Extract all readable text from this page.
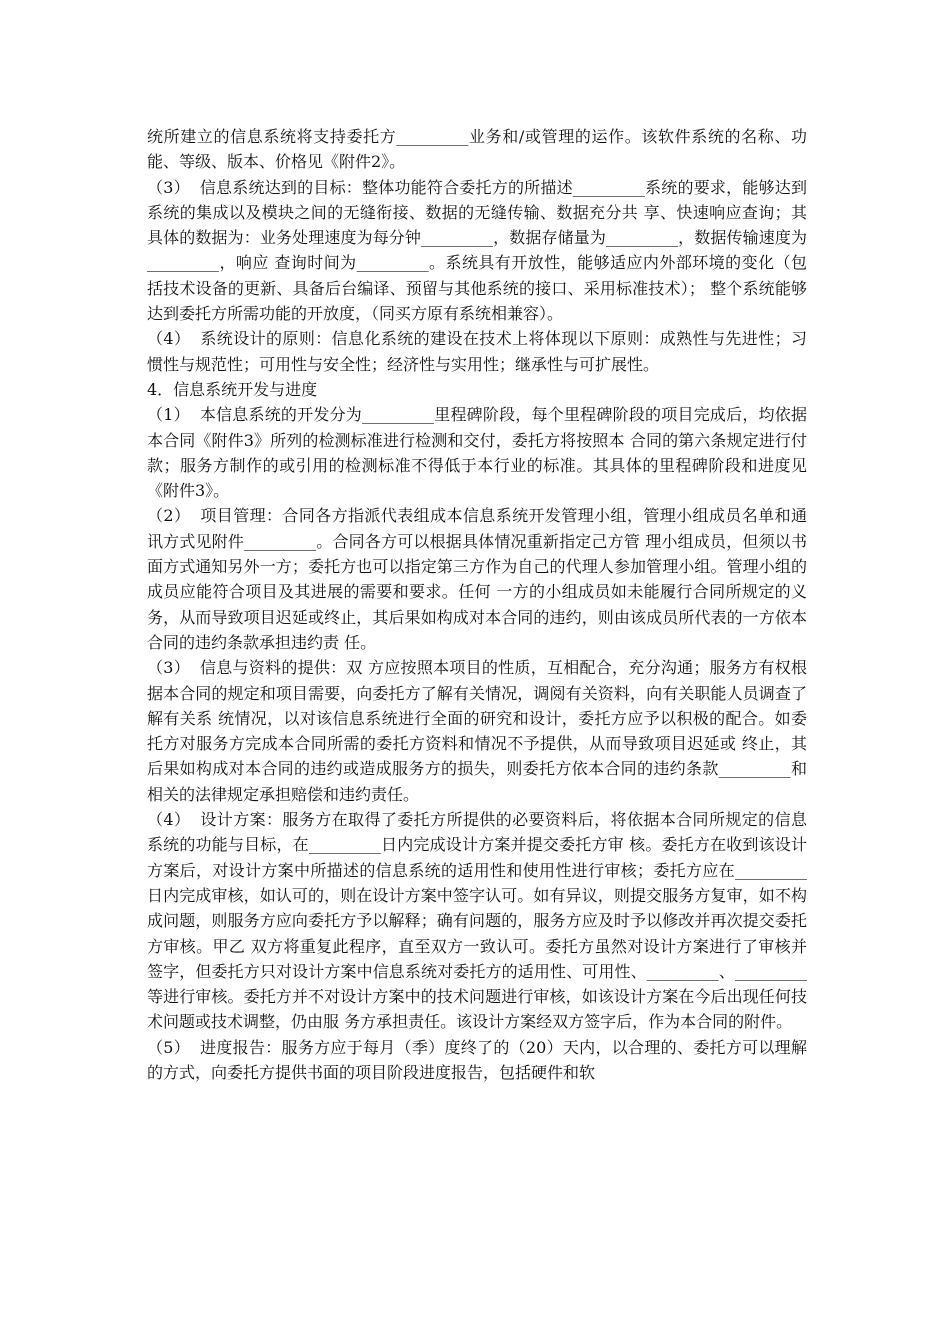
统所建立的信息系统将支持委托方_________业务和/或管理的运作。该软件系统的名称、功能、等级、版本、价格见《附件2》。

（3） 信息系统达到的目标：整体功能符合委托方的所描述_________系统的要求，能够达到系统的集成以及模块之间的无缝衔接、数据的无缝传输、数据充分共 享、快速响应查询；其具体的数据为：业务处理速度为每分钟_________，数据存储量为_________，数据传输速度为_________，响应 查询时间为_________。系统具有开放性，能够适应内外部环境的变化（包括技术设备的更新、具备后台编译、预留与其他系统的接口、采用标准技术）； 整个系统能够达到委托方所需功能的开放度，（同买方原有系统相兼容）。

（4） 系统设计的原则：信息化系统的建设在技术上将体现以下原则：成熟性与先进性；习惯性与规范性；可用性与安全性；经济性与实用性；继承性与可扩展性。

4．信息系统开发与进度

（1） 本信息系统的开发分为_________里程碑阶段，每个里程碑阶段的项目完成后，均依据本合同《附件3》所列的检测标准进行检测和交付，委托方将按照本 合同的第六条规定进行付款；服务方制作的或引用的检测标准不得低于本行业的标准。其具体的里程碑阶段和进度见《附件3》。

（2） 项目管理：合同各方指派代表组成本信息系统开发管理小组，管理小组成员名单和通讯方式见附件_________。合同各方可以根据具体情况重新指定己方管 理小组成员，但须以书面方式通知另外一方；委托方也可以指定第三方作为自己的代理人参加管理小组。管理小组的成员应能符合项目及其进展的需要和要求。任何 一方的小组成员如未能履行合同所规定的义务，从而导致项目迟延或终止，其后果如构成对本合同的违约，则由该成员所代表的一方依本合同的违约条款承担违约责 任。

（3） 信息与资料的提供：双 方应按照本项目的性质，互相配合，充分沟通；服务方有权根据本合同的规定和项目需要，向委托方了解有关情况，调阅有关资料，向有关职能人员调查了解有关系 统情况，以对该信息系统进行全面的研究和设计，委托方应予以积极的配合。如委托方对服务方完成本合同所需的委托方资料和情况不予提供，从而导致项目迟延或 终止，其后果如构成对本合同的违约或造成服务方的损失，则委托方依本合同的违约条款_________和相关的法律规定承担赔偿和违约责任。

（4） 设计方案：服务方在取得了委托方所提供的必要资料后，将依据本合同所规定的信息系统的功能与目标，在_________日内完成设计方案并提交委托方审 核。委托方在收到该设计方案后，对设计方案中所描述的信息系统的适用性和使用性进行审核；委托方应在_________日内完成审核，如认可的，则在设计方案中签字认可。如有异议，则提交服务方复审，如不构成问题，则服务方应向委托方予以解释；确有问题的，服务方应及时予以修改并再次提交委托方审核。甲乙 双方将重复此程序，直至双方一致认可。委托方虽然对设计方案进行了审核并签字，但委托方只对设计方案中信息系统对委托方的适用性、可用性、_________、_________等进行审核。委托方并不对设计方案中的技术问题进行审核，如该设计方案在今后出现任何技术问题或技术调整，仍由服 务方承担责任。该设计方案经双方签字后，作为本合同的附件。

（5） 进度报告：服务方应于每月（季）度终了的（20）天内，以合理的、委托方可以理解的方式，向委托方提供书面的项目阶段进度报告，包括硬件和软
